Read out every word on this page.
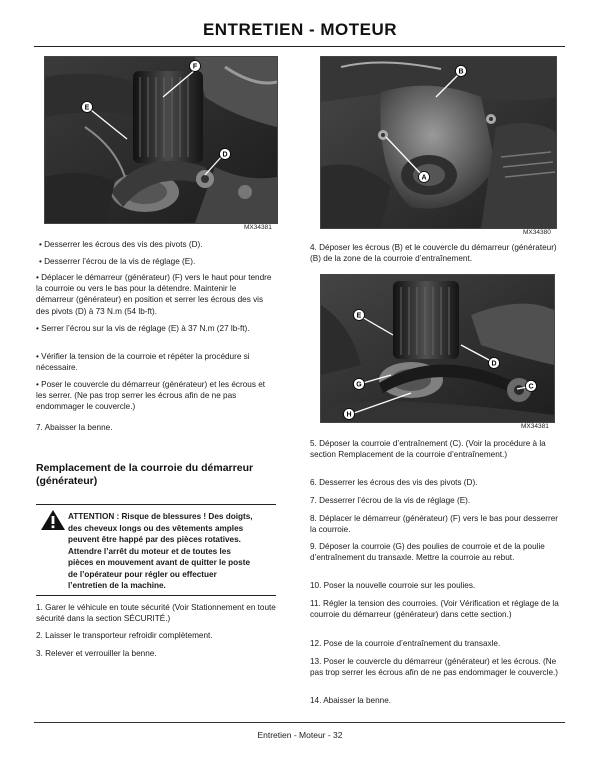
ENTRETIEN - MOTEUR
F
E
D
MX34381
B
A
MX34380
E
D
G	C
H
MX34381
• Desserrer les écrous des vis des pivots (D).
• Desserrer l’écrou de la vis de réglage (E).
• Déplacer le démarreur (générateur) (F) vers le haut pour tendre la courroie ou vers le bas pour la détendre. Maintenir le démarreur (générateur) en position et serrer les écrous des vis des pivots (D) à 73 N.m (54 lb-ft).
• Serrer l’écrou sur la vis de réglage (E) à 37 N.m (27 lb-ft).
• Vérifier la tension de la courroie et répéter la procédure si nécessaire.
• Poser le couvercle du démarreur (générateur) et les écrous et les serrer. (Ne pas trop serrer les écrous afin de ne pas endommager le couvercle.)
7. Abaisser la benne.
Remplacement de la courroie du démarreur (générateur)
ATTENTION : Risque de blessures ! Des doigts,
des cheveux longs ou des vêtements amples
peuvent être happé par des pièces rotatives.
Attendre l’arrêt du moteur et de toutes les
pièces en mouvement avant de quitter le poste
de l’opérateur pour régler ou effectuer
l’entretien de la machine.
1. Garer le véhicule en toute sécurité (Voir Stationnement en toute sécurité dans la section SÉCURITÉ.)
2. Laisser le transporteur refroidir complètement.
3. Relever et verrouiller la benne.
4. Déposer les écrous (B) et le couvercle du démarreur (générateur) (B) de la zone de la courroie d’entraînement.
5. Déposer la courroie d’entraînement (C). (Voir la procédure à la section Remplacement de la courroie d’entraînement.)
6. Desserrer les écrous des vis des pivots (D).
7. Desserrer l’écrou de la vis de réglage (E).
8. Déplacer le démarreur (générateur) (F) vers le bas pour desserrer la courroie.
9. Déposer la courroie (G) des poulies de courroie et de la poulie d’entraînement du transaxle. Mettre la courroie au rebut.
10. Poser la nouvelle courroie sur les poulies.
11. Régler la tension des courroies. (Voir Vérification et réglage de la courroie du démarreur (générateur) dans cette section.)
12. Pose de la courroie d’entraînement du transaxle.
13. Poser le couvercle du démarreur (générateur) et les écrous. (Ne pas trop serrer les écrous afin de ne pas endommager le couvercle.)
14. Abaisser la benne.
Entretien - Moteur - 32
